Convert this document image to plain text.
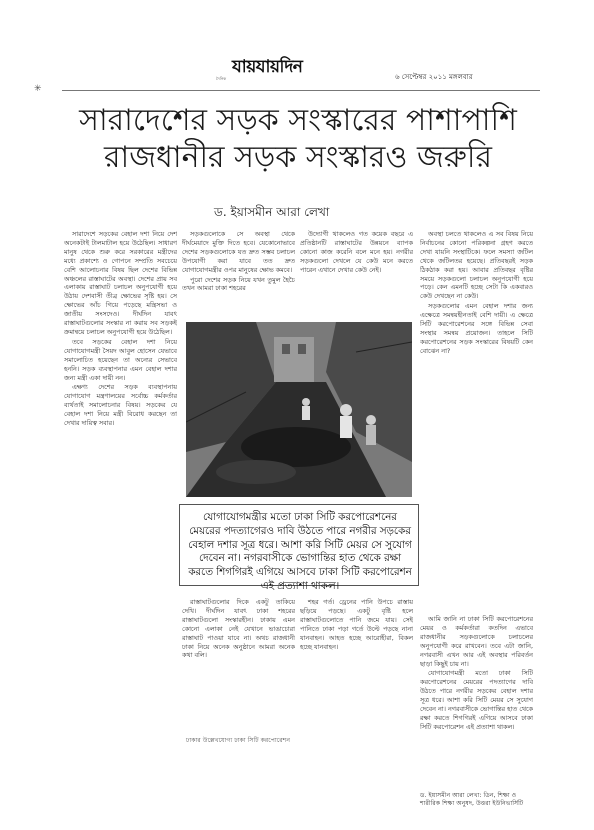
যায়যায়দিন
দৈনিক	৬ সেপ্টেম্বর ২০১১ মঙ্গলবার
✳
সারাদেশের সড়ক সংস্কারের পাশাপাশি
রাজধানীর সড়ক সংস্কারও জরুরি
ড. ইয়াসমীন আরা লেখা

সারাদেশে সড়কের বেহাল দশা নিয়ে দেশ অনেকটাই টালমাটাল হয়ে উঠেছিল। সাধারণ মানুষ থেকে শুরু করে সরকারের মন্ত্রীদের মধ্যে প্রকাশ্যে ও গোপনে সম্প্রতি সবচেয়ে বেশি আলোচনার বিষয় ছিল দেশের বিভিন্ন অঞ্চলের রাস্তাঘাটের অবস্থা। দেশের প্রায় সব এলাকায় রাস্তাঘাট চলাচল অনুপযোগী হয়ে উঠায় দেশবাসী তীব্র ক্ষোভের সৃষ্টি হয়। সে ক্ষোভের আঁচ গিয়ে পড়েছে মন্ত্রিসভা ও জাতীয় সংসদেও। দীর্ঘদিন যাবৎ রাস্তাঘাটগুলোর সংস্কার না করায় সব সড়কই ক্রমান্বয়ে চলাচল অনুপযোগী হয়ে উঠেছিল।

তবে সড়কের বেহাল দশা নিয়ে যোগাযোগমন্ত্রী সৈয়দ আবুল হোসেন যেভাবে সমালোচিত হয়েছেন তা অন্যের সেভাবে হননি। সড়ক ব্যবস্থাপনার এমন বেহাল দশার জন্য মন্ত্রী একা দায়ী নন।

এক্ষণ্য দেশের সড়ক ব্যবস্থাপনায় যোগাযোগ মন্ত্রণালয়ের সর্বোচ্চ কর্মকর্তার ব্যর্থতাই সমালোচনার বিষয়। সড়কের যে বেহাল দশা নিয়ে মন্ত্রী বিরোধ করছেন তা দেখার দায়িত্ব সবার।

সড়কগুলোকে সে অবস্থা থেকে দীর্ঘমেয়াদে মুক্তি দিতে হবে। যেকোনোভাবে দেশের সড়কগুলোকে যত দ্রুত সম্ভব চলাচল উপযোগী করা যাবে তত দ্রুত যোগাযোগমন্ত্রীর ওপর মানুষের ক্ষোভ কমবে।

পুরো দেশের সড়ক নিয়ে যখন তুমুল হৈচৈ তখন আমরা ঢাকা শহরের

উদ্যোগী থাকলেও গত কয়েক বছরে এ প্রতিষ্ঠানটি রাস্তাঘাটের উন্নয়নে ব্যাপক কোনো কাজ করেনি বলে মনে হয়। নগরীর সড়কগুলো দেখলে যে কেউ মনে করতে পারেন এখানে দেখার কেউ নেই।

যোগাযোগমন্ত্রীর মতো ঢাকা সিটি করপোরেশনের মেয়রের পদত্যাগেরও দাবি উঠতে পারে নগরীর সড়কের বেহাল দশার সূত্র ধরে। আশা করি সিটি মেয়র সে সুযোগ দেবেন না। নগরবাসীকে ভোগান্তির হাত থেকে রক্ষা করতে শিগগিরই এগিয়ে আসবে ঢাকা সিটি করপোরেশন এই প্রত্যাশা থাকল।

রাস্তাঘাটগুলোর দিকে একটু তাকিয়ে দেখি। দীর্ঘদিন যাবৎ ঢাকা শহরের রাস্তাঘাটগুলো সংস্কারহীন। ঢাকায় এমন কোনো এলাকা নেই যেখানে ভাঙাচোরা রাস্তাঘাট পাওয়া যাবে না। অথচ রাজধানী ঢাকা নিয়ে অনেক অনুষ্ঠানে আমরা অনেক কথা বলি।

শহর গর্ত। ড্রেনের পানি উপচে রাস্তায় ছড়িয়ে পড়ছে। একটু বৃষ্টি হলে রাস্তাঘাটগুলোতে পানি জমে যায়। সেই পানিতে ঢাকা পড়া গর্তে উল্টে পড়ছে নানা যানবাহন। আহত হচ্ছে আরোহীরা, বিকল হচ্ছে যানবাহন।

ঢাকার উল্লেখযোগ্য ঢাকা সিটি করপোরেশন

অবস্থা চলতে থাকলেও এ সব বিষয় নিয়ে নির্বাচনের কোনো পরিকল্পনা গ্রহণ করতে দেখা যায়নি সংস্থাটিকে। ফলে সমস্যা জটিল থেকে জটিলতর হয়েছে। প্রতিবছরই সড়ক ঠিকঠাক করা হয়। আবার প্রতিবছর বৃষ্টির সময়ে সড়কগুলো চলাচল অনুপযোগী হয়ে পড়ে। কেন এমনটি হচ্ছে সেটা কি একবারও কেউ দেখছেন না কেউ।

সড়কগুলোর এমন বেহাল দশার জন্য এক্ষেত্রে সমন্বয়হীনতাই বেশি দায়ী। এ ক্ষেত্রে সিটি করপোরেশনের সঙ্গে বিভিন্ন সেবা সংস্থার সমন্বয় প্রয়োজন। তাহলে সিটি করপোরেশনের সড়ক সংস্কারের বিষয়টি কেন বোঝেন না?

আমি জানি না ঢাকা সিটি করপোরেশনের মেয়র ও কর্মকর্তারা কতদিন এভাবে রাজধানীর সড়কগুলোকে চলাচলের অনুপযোগী করে রাখবেন। তবে এটা জানি, নগরবাসী এখন আর এই অবস্থার পরিবর্তন ছাড়া কিছুই চায় না।

যোগাযোগমন্ত্রী মতো ঢাকা সিটি করপোরেশনের মেয়রের পদত্যাগের দাবি উঠতে পারে নগরীর সড়কের বেহাল দশার সূত্র ধরে। আশা করি সিটি মেয়র সে সুযোগ দেবেন না। নগরবাসীকে ভোগান্তির হাত থেকে রক্ষা করতে শিগগিরই এগিয়ে আসবে ঢাকা সিটি করপোরেশন এই প্রত্যাশা থাকল।

ড. ইয়াসমীন আরা লেখা: ডিন, শিক্ষা ও শারীরিক শিক্ষা অনুষদ, উত্তরা ইউনিভার্সিটি
